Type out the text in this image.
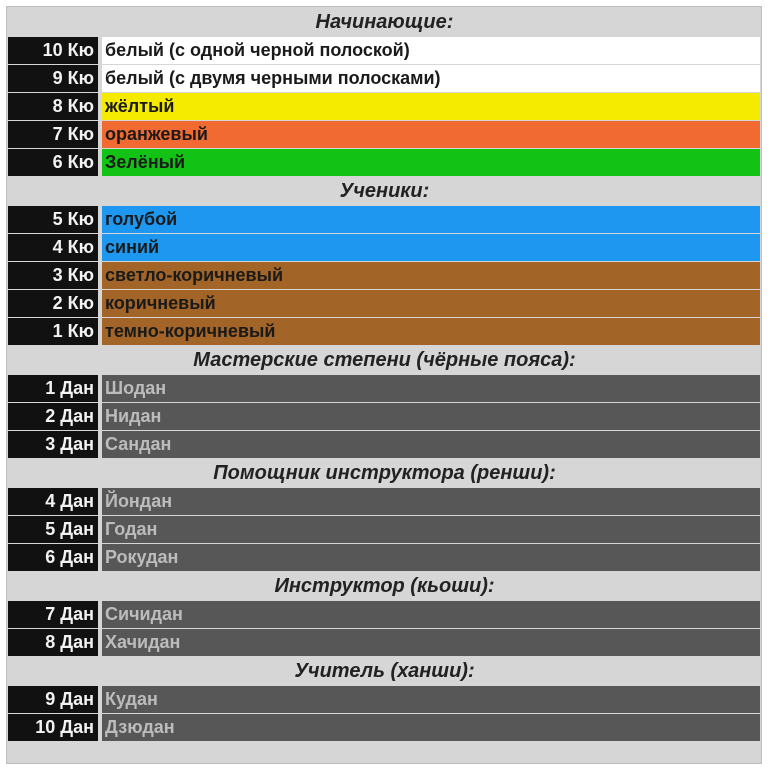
Начинающие:
10 Кю белый (с одной черной полоской)
9 Кю белый (с двумя черными полосками)
8 Кю жёлтый
7 Кю оранжевый
6 Кю Зелёный
Ученики:
5 Кю голубой
4 Кю синий
3 Кю светло-коричневый
2 Кю коричневый
1 Кю темно-коричневый
Мастерские степени (чёрные пояса):
1 Дан Шодан
2 Дан Нидан
3 Дан Сандан
Помощник инструктора (ренши):
4 Дан Йондан
5 Дан Годан
6 Дан Рокудан
Инструктор (кьоши):
7 Дан Сичидан
8 Дан Хачидан
Учитель (ханши):
9 Дан Кудан
10 Дан Дзюдан
